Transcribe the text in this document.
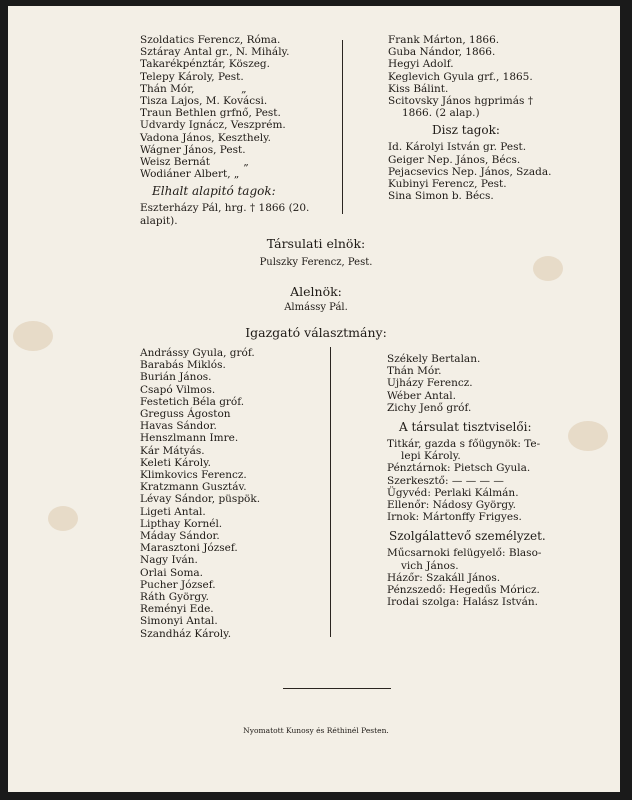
Szoldatics Ferencz, Róma.
Sztáray Antal gr., N. Mihály.
Takarékpénztár, Köszeg.
Telepy Károly, Pest.
Thán Mór,	„
Tisza Lajos, M. Kovácsi.
Traun Bethlen grfnő, Pest.
Udvardy Ignácz, Veszprém.
Vadona János, Keszthely.
Wágner János, Pest.
Weisz Bernát	„
Wodiáner Albert, „
Elhalt alapitó tagok:
Eszterházy Pál, hrg. † 1866 (20.
alapit).
Frank Márton, 1866.
Guba Nándor, 1866.
Hegyi Adolf.
Keglevich Gyula grf., 1865.
Kiss Bálint.
Scitovsky János hgprimás †
1866. (2 alap.)
Disz tagok:
Id. Károlyi István gr. Pest.
Geiger Nep. János, Bécs.
Pejacsevics Nep. János, Szada.
Kubinyi Ferencz, Pest.
Sina Simon b. Bécs.
Társulati elnök:
Pulszky Ferencz, Pest.
Alelnök:
Almássy Pál.
Igazgató választmány:
Andrássy Gyula, gróf.
Barabás Miklós.
Burián János.
Csapó Vilmos.
Festetich Béla gróf.
Greguss Ágoston
Havas Sándor.
Henszlmann Imre.
Kár Mátyás.
Keleti Károly.
Klimkovics Ferencz.
Kratzmann Gusztáv.
Lévay Sándor, püspök.
Ligeti Antal.
Lipthay Kornél.
Máday Sándor.
Marasztoni József.
Nagy Iván.
Orlai Soma.
Pucher József.
Ráth György.
Reményi Ede.
Simonyi Antal.
Szandház Károly.
Székely Bertalan.
Thán Mór.
Ujházy Ferencz.
Wéber Antal.
Zichy Jenő gróf.
A társulat tisztviselői:
Titkár, gazda s főügynök: Te-
lepi Károly.
Pénztárnok: Pietsch Gyula.
Szerkesztő: — — — —
Ügyvéd: Perlaki Kálmán.
Ellenőr: Nádosy György.
Irnok: Mártonffy Frigyes.
Szolgálattevő személyzet.
Műcsarnoki felügyelő: Blaso-
vich János.
Házőr: Szakáll János.
Pénzszedő: Hegedűs Móricz.
Irodai szolga: Halász István.
Nyomatott Kunosy és Réthinél Pesten.
